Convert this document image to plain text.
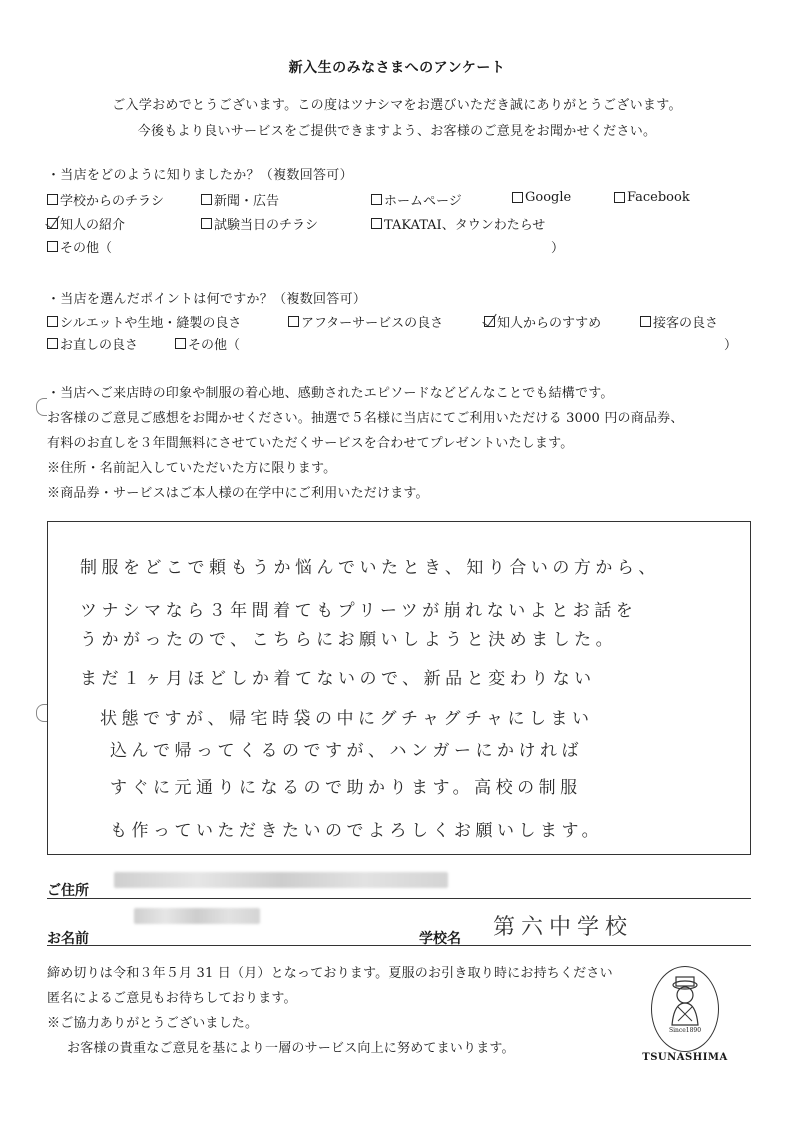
新入生のみなさまへのアンケート
ご入学おめでとうございます。この度はツナシマをお選びいただき誠にありがとうございます。
今後もより良いサービスをご提供できますよう、お客様のご意見をお聞かせください。
・当店をどのように知りましたか？（複数回答可）
学校からのチラシ	新聞・広告	ホームページ	Google	Facebook
知人の紹介	試験当日のチラシ	TAKATAI、タウンわたらせ
その他（	）
・当店を選んだポイントは何ですか？（複数回答可）
シルエットや生地・縫製の良さ	アフターサービスの良さ	知人からのすすめ	接客の良さ
お直しの良さ	その他（	）
・当店へご来店時の印象や制服の着心地、感動されたエピソードなどどんなことでも結構です。
お客様のご意見ご感想をお聞かせください。抽選で５名様に当店にてご利用いただける 3000 円の商品券、
有料のお直しを３年間無料にさせていただくサービスを合わせてプレゼントいたします。
※住所・名前記入していただいた方に限ります。
※商品券・サービスはご本人様の在学中にご利用いただけます。
制服をどこで頼もうか悩んでいたとき、知り合いの方から、
ツナシマなら３年間着てもプリーツが崩れないよとお話を
うかがったので、こちらにお願いしようと決めました。
まだ１ヶ月ほどしか着てないので、新品と変わりない
状態ですが、帰宅時袋の中にグチャグチャにしまい
込んで帰ってくるのですが、ハンガーにかければ
すぐに元通りになるので助かります。高校の制服
も作っていただきたいのでよろしくお願いします。
ご住所
お名前	学校名 第六中学校
締め切りは令和３年５月 31 日（月）となっております。夏服のお引き取り時にお持ちください
匿名によるご意見もお待ちしております。
※ご協力ありがとうございました。
お客様の貴重なご意見を基により一層のサービス向上に努めてまいります。
Since1890
TSUNASHIMA
